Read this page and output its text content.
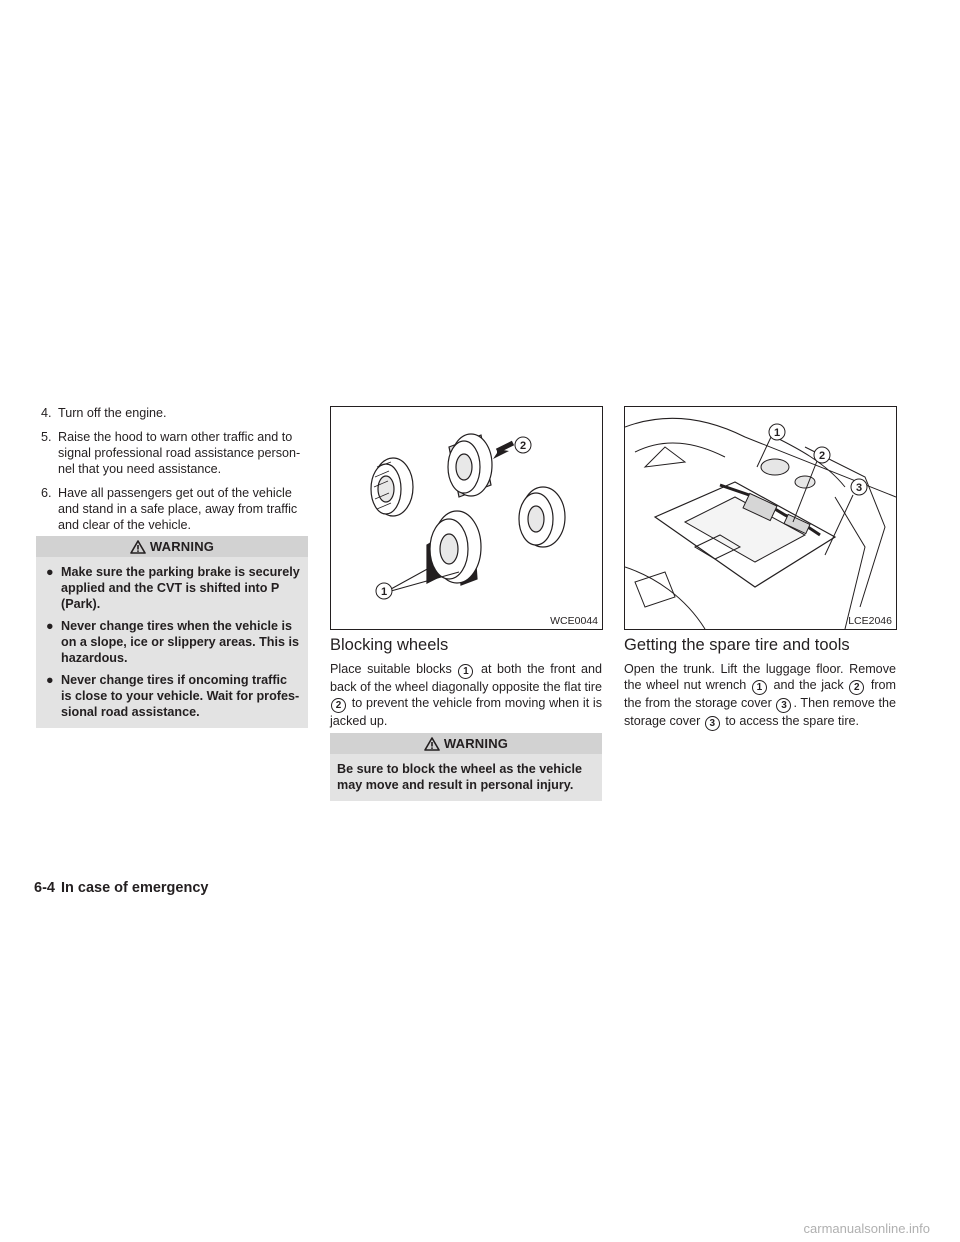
4. Turn off the engine.
5. Raise the hood to warn other traffic and to signal professional road assistance personnel that you need assistance.
6. Have all passengers get out of the vehicle and stand in a safe place, away from traffic and clear of the vehicle.
WARNING
● Make sure the parking brake is securely applied and the CVT is shifted into P (Park).
● Never change tires when the vehicle is on a slope, ice or slippery areas. This is hazardous.
● Never change tires if oncoming traffic is close to your vehicle. Wait for professional road assistance.
2
1
WCE0044
Blocking wheels
Place suitable blocks 1 at both the front and back of the wheel diagonally opposite the flat tire 2 to prevent the vehicle from moving when it is jacked up.
WARNING
Be sure to block the wheel as the vehicle may move and result in personal injury.
1
2
3
LCE2046
Getting the spare tire and tools
Open the trunk. Lift the luggage floor. Remove the wheel nut wrench 1 and the jack 2 from the from the storage cover 3 . Then remove the storage cover 3 to access the spare tire.
6-4 In case of emergency
carmanualsonline.info
